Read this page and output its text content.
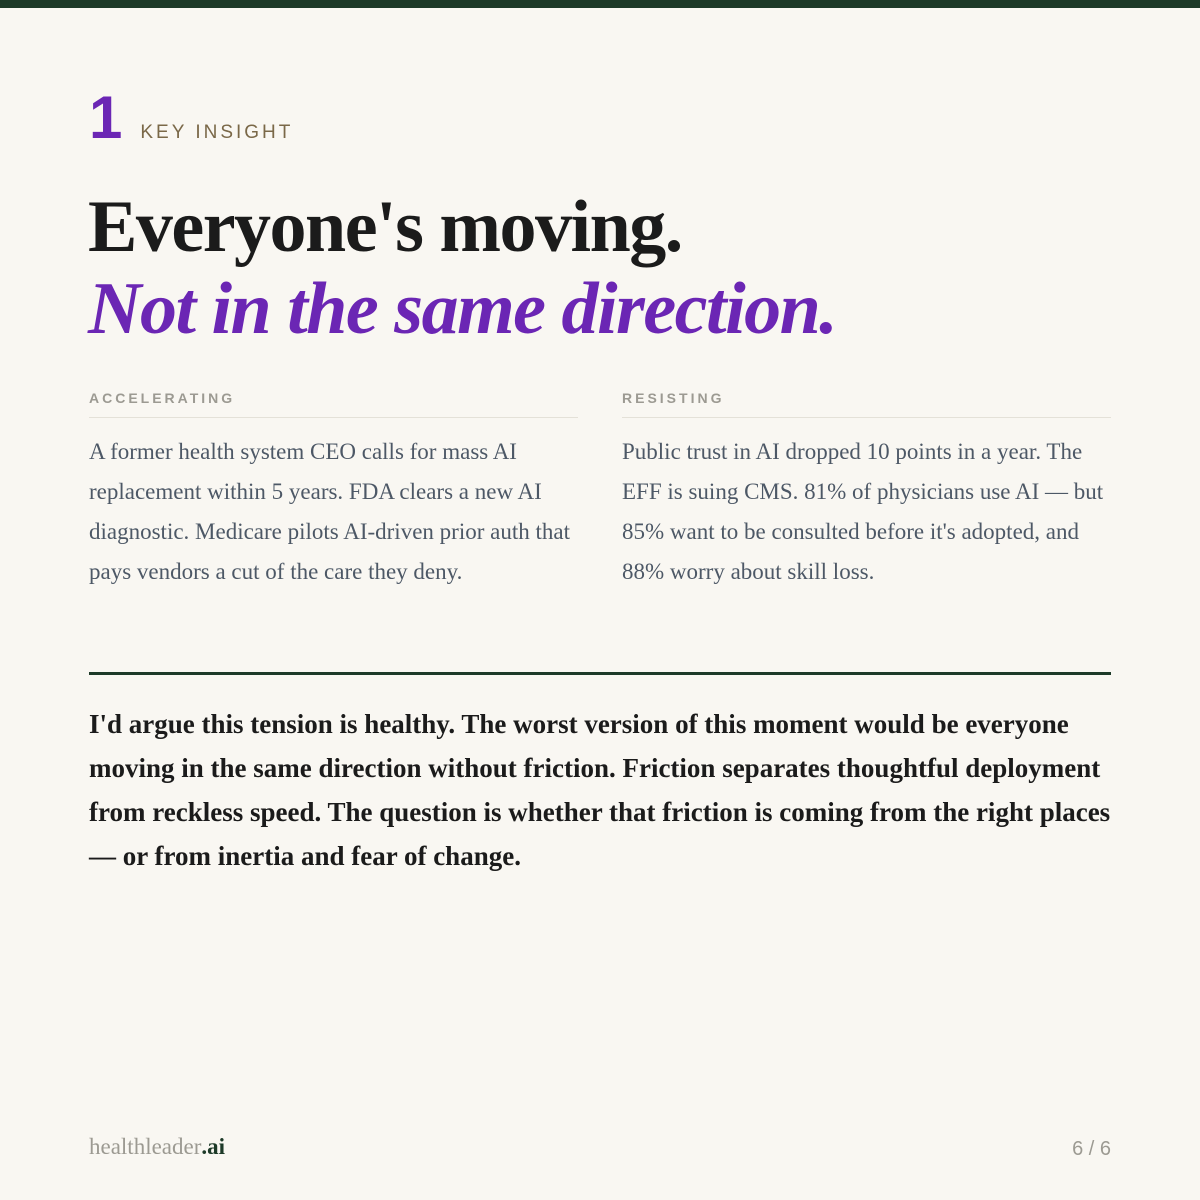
1 KEY INSIGHT
Everyone's moving.
Not in the same direction.
ACCELERATING
A former health system CEO calls for mass AI replacement within 5 years. FDA clears a new AI diagnostic. Medicare pilots AI-driven prior auth that pays vendors a cut of the care they deny.
RESISTING
Public trust in AI dropped 10 points in a year. The EFF is suing CMS. 81% of physicians use AI — but 85% want to be consulted before it's adopted, and 88% worry about skill loss.

I'd argue this tension is healthy. The worst version of this moment would be everyone moving in the same direction without friction. Friction separates thoughtful deployment from reckless speed. The question is whether that friction is coming from the right places — or from inertia and fear of change.

healthleader.ai	6 / 6
